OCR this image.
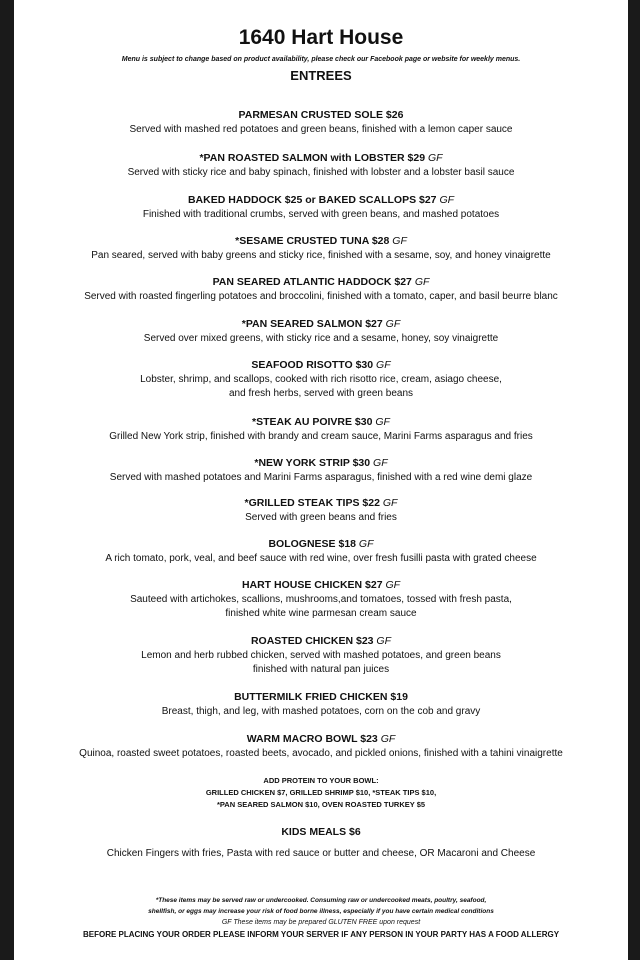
1640 Hart House
Menu is subject to change based on product availability, please check our Facebook page or website for weekly menus.
ENTREES
PARMESAN CRUSTED SOLE $26
Served with mashed red potatoes and green beans, finished with a lemon caper sauce
*PAN ROASTED SALMON with LOBSTER $29 GF
Served with sticky rice and baby spinach, finished with lobster and a lobster basil sauce
BAKED HADDOCK $25 or BAKED SCALLOPS $27 GF
Finished with traditional crumbs, served with green beans, and mashed potatoes
*SESAME CRUSTED TUNA $28 GF
Pan seared, served with baby greens and sticky rice, finished with a sesame, soy, and honey vinaigrette
PAN SEARED ATLANTIC HADDOCK $27 GF
Served with roasted fingerling potatoes and broccolini, finished with a tomato, caper, and basil beurre blanc
*PAN SEARED SALMON $27 GF
Served over mixed greens, with sticky rice and a sesame, honey, soy vinaigrette
SEAFOOD RISOTTO $30 GF
Lobster, shrimp, and scallops, cooked with rich risotto rice, cream, asiago cheese,
and fresh herbs, served with green beans
*STEAK AU POIVRE $30 GF
Grilled New York strip, finished with brandy and cream sauce, Marini Farms asparagus and fries
*NEW YORK STRIP $30 GF
Served with mashed potatoes and Marini Farms asparagus, finished with a red wine demi glaze
*GRILLED STEAK TIPS $22 GF
Served with green beans and fries
BOLOGNESE $18 GF
A rich tomato, pork, veal, and beef sauce with red wine, over fresh fusilli pasta with grated cheese
HART HOUSE CHICKEN $27 GF
Sauteed with artichokes, scallions, mushrooms,and tomatoes, tossed with fresh pasta,
finished white wine parmesan cream sauce
ROASTED CHICKEN $23 GF
Lemon and herb rubbed chicken, served with mashed potatoes, and green beans
finished with natural pan juices
BUTTERMILK FRIED CHICKEN $19
Breast, thigh, and leg, with mashed potatoes, corn on the cob and gravy
WARM MACRO BOWL $23 GF
Quinoa, roasted sweet potatoes, roasted beets, avocado, and pickled onions, finished with a tahini vinaigrette
ADD PROTEIN TO YOUR BOWL:
GRILLED CHICKEN $7, GRILLED SHRIMP $10, *STEAK TIPS $10,
*PAN SEARED SALMON $10, OVEN ROASTED TURKEY $5
KIDS MEALS $6
Chicken Fingers with fries, Pasta with red sauce or butter and cheese, OR Macaroni and Cheese
*These items may be served raw or undercooked. Consuming raw or undercooked meats, poultry, seafood,
shellfish, or eggs may increase your risk of food borne illness, especially if you have certain medical conditions
GF These items may be prepared GLUTEN FREE upon request
BEFORE PLACING YOUR ORDER PLEASE INFORM YOUR SERVER IF ANY PERSON IN YOUR PARTY HAS A FOOD ALLERGY
